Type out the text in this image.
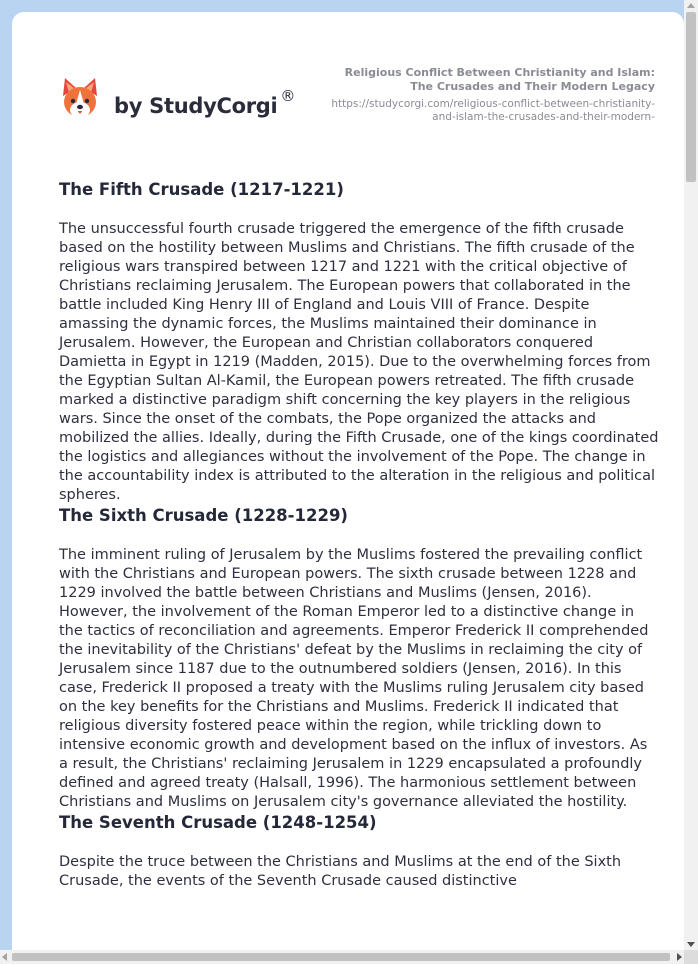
by StudyCorgi ®
Religious Conflict Between Christianity and Islam: The Crusades and Their Modern Legacy
https://studycorgi.com/religious-conflict-between-christianity-and-islam-the-crusades-and-their-modern-
The Fifth Crusade (1217-1221)

The unsuccessful fourth crusade triggered the emergence of the fifth crusade based on the hostility between Muslims and Christians. The fifth crusade of the religious wars transpired between 1217 and 1221 with the critical objective of Christians reclaiming Jerusalem. The European powers that collaborated in the battle included King Henry III of England and Louis VIII of France. Despite amassing the dynamic forces, the Muslims maintained their dominance in Jerusalem. However, the European and Christian collaborators conquered Damietta in Egypt in 1219 (Madden, 2015). Due to the overwhelming forces from the Egyptian Sultan Al-Kamil, the European powers retreated. The fifth crusade marked a distinctive paradigm shift concerning the key players in the religious wars. Since the onset of the combats, the Pope organized the attacks and mobilized the allies. Ideally, during the Fifth Crusade, one of the kings coordinated the logistics and allegiances without the involvement of the Pope. The change in the accountability index is attributed to the alteration in the religious and political spheres.

The Sixth Crusade (1228-1229)

The imminent ruling of Jerusalem by the Muslims fostered the prevailing conflict with the Christians and European powers. The sixth crusade between 1228 and 1229 involved the battle between Christians and Muslims (Jensen, 2016). However, the involvement of the Roman Emperor led to a distinctive change in the tactics of reconciliation and agreements. Emperor Frederick II comprehended the inevitability of the Christians' defeat by the Muslims in reclaiming the city of Jerusalem since 1187 due to the outnumbered soldiers (Jensen, 2016). In this case, Frederick II proposed a treaty with the Muslims ruling Jerusalem city based on the key benefits for the Christians and Muslims. Frederick II indicated that religious diversity fostered peace within the region, while trickling down to intensive economic growth and development based on the influx of investors. As a result, the Christians' reclaiming Jerusalem in 1229 encapsulated a profoundly defined and agreed treaty (Halsall, 1996). The harmonious settlement between Christians and Muslims on Jerusalem city's governance alleviated the hostility.

The Seventh Crusade (1248-1254)

Despite the truce between the Christians and Muslims at the end of the Sixth Crusade, the events of the Seventh Crusade caused distinctive
